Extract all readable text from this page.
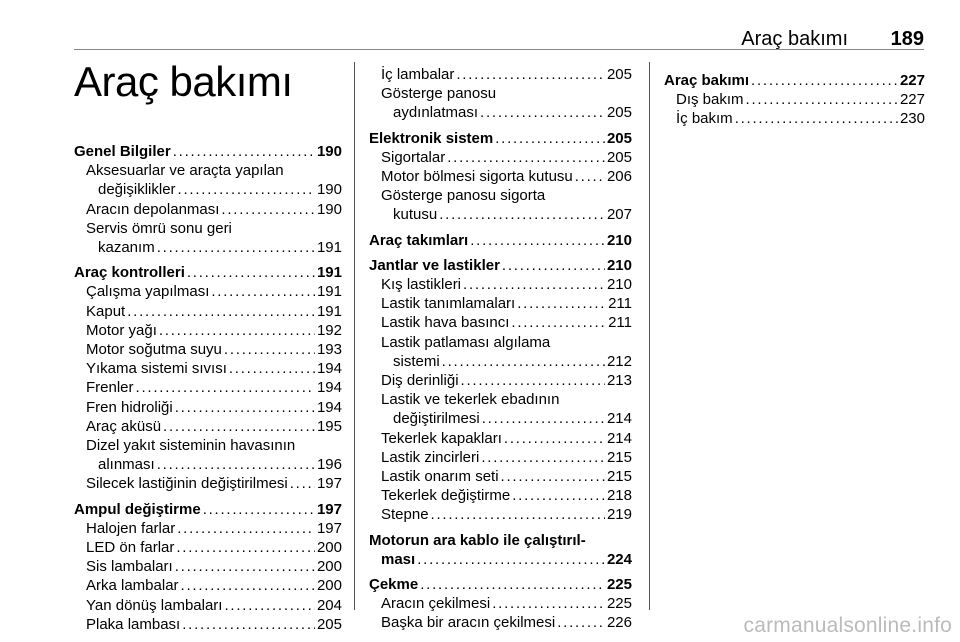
Araç bakımı 189
Araç bakımı
Genel Bilgiler . . .	190
Aksesuarlar ve araçta yapılan
değişiklikler . . .	190
Aracın depolanması . . .	190
Servis ömrü sonu geri
kazanım . . .	191
Araç kontrolleri . . .	191
Çalışma yapılması . . .	191
Kaput . . .	191
Motor yağı . . .	192
Motor soğutma suyu . . .	193
Yıkama sistemi sıvısı . . .	194
Frenler . . .	194
Fren hidroliği . . .	194
Araç aküsü . . .	195
Dizel yakıt sisteminin havasının
alınması . . .	196
Silecek lastiğinin değiştirilmesi . . . 197
Ampul değiştirme . . .	197
Halojen farlar . . .	197
LED ön farlar . . .	200
Sis lambaları . . .	200
Arka lambalar . . .	200
Yan dönüş lambaları . . .	204
Plaka lambası . . .	205
İç lambalar . . .	205
Gösterge panosu
aydınlatması . . .	205
Elektronik sistem . . .	205
Sigortalar . . .	205
Motor bölmesi sigorta kutusu . . . 206
Gösterge panosu sigorta
kutusu . . .	207
Araç takımları . . .	210
Jantlar ve lastikler . . .	210
Kış lastikleri . . .	210
Lastik tanımlamaları . . .	211
Lastik hava basıncı . . .	211
Lastik patlaması algılama
sistemi . . .	212
Diş derinliği . . .	213
Lastik ve tekerlek ebadının
değiştirilmesi . . .	214
Tekerlek kapakları . . .	214
Lastik zincirleri . . .	215
Lastik onarım seti . . .	215
Tekerlek değiştirme . . .	218
Stepne . . .	219
Motorun ara kablo ile çalıştırıl-
ması . . .	224
Çekme . . .	225
Aracın çekilmesi . . .	225
Başka bir aracın çekilmesi . . .	226
Araç bakımı . . .	227
Dış bakım . . .	227
İç bakım . . .	230
carmanualsonline.info
